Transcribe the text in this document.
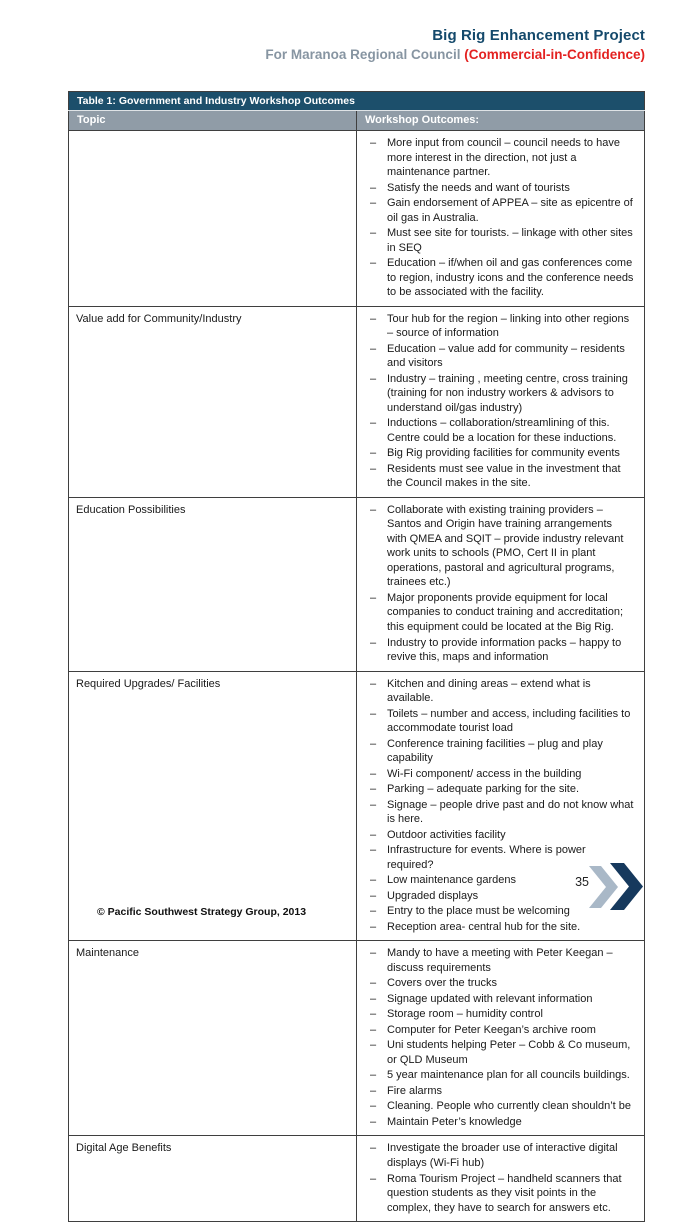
Big Rig Enhancement Project
For Maranoa Regional Council (Commercial-in-Confidence)
Table 1: Government and Industry Workshop Outcomes	
Topic	Workshop Outcomes:

– More input from council – council needs to have more interest in the direction, not just a maintenance partner.
– Satisfy the needs and want of tourists
– Gain endorsement of APPEA – site as epicentre of oil gas in Australia.
– Must see site for tourists. – linkage with other sites in SEQ
– Education – if/when oil and gas conferences come to region, industry icons and the conference needs to be associated with the facility.

Value add for Community/Industry	
–Tour hub for the region – linking into other regions – source of information
– Education – value add for community – residents and visitors
– Industry – training , meeting centre, cross training (training for non industry workers & advisors to understand oil/gas industry)
– Inductions – collaboration/streamlining of this. Centre could be a location for these inductions.
– Big Rig providing facilities for community events
– Residents must see value in the investment that the Council makes in the site.

Education Possibilities	
–Collaborate with existing training providers – Santos and Origin have training arrangements with QMEA and SQIT – provide industry relevant work units to schools (PMO, Cert II in plant operations, pastoral and agricultural programs, trainees etc.)
– Major proponents provide equipment for local companies to conduct training and accreditation; this equipment could be located at the Big Rig.
– Industry to provide information packs – happy to revive this, maps and information

Required Upgrades/ Facilities	
–Kitchen and dining areas – extend what is available.
– Toilets – number and access, including facilities to accommodate tourist load
– Conference training facilities – plug and play capability
– Wi-Fi component/ access in the building
– Parking – adequate parking for the site.
– Signage – people drive past and do not know what is here.
– Outdoor activities facility
– Infrastructure for events. Where is power required?
– Low maintenance gardens
– Upgraded displays
– Entry to the place must be welcoming
– Reception area- central hub for the site.

Maintenance	
–Mandy to have a meeting with Peter Keegan – discuss requirements
– Covers over the trucks
– Signage updated with relevant information
– Storage room – humidity control
– Computer for Peter Keegan’s archive room
– Uni students helping Peter – Cobb & Co museum, or QLD Museum
– 5 year maintenance plan for all councils buildings.
– Fire alarms
– Cleaning. People who currently clean shouldn’t be
– Maintain Peter’s knowledge

Digital Age Benefits	
–Investigate the broader use of interactive digital displays (Wi-Fi hub)
– Roma Tourism Project – handheld scanners that question students as they visit points in the complex, they have to search for answers etc.
35
© Pacific Southwest Strategy Group, 2013
